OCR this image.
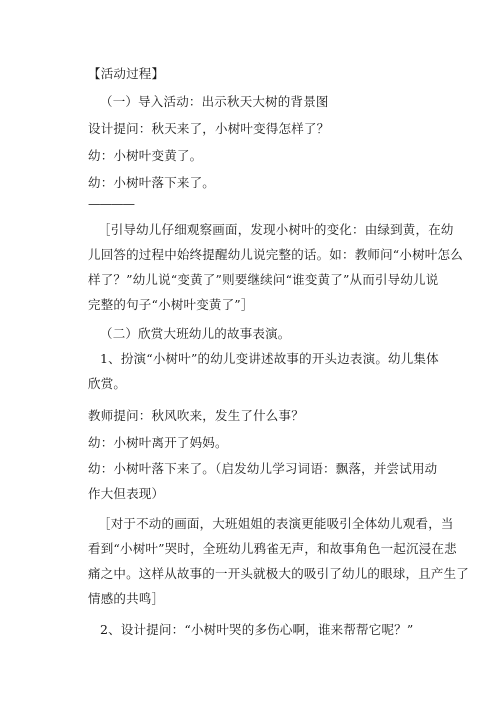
【活动过程】
（一）导入活动：出示秋天大树的背景图
设计提问：秋天来了，小树叶变得怎样了？
幼：小树叶变黄了。
幼：小树叶落下来了。
————
［引导幼儿仔细观察画面，发现小树叶的变化：由绿到黄，在幼
儿回答的过程中始终提醒幼儿说完整的话。如：教师问“小树叶怎么
样了？”幼儿说“变黄了”则要继续问“谁变黄了”从而引导幼儿说
完整的句子“小树叶变黄了”］
（二）欣赏大班幼儿的故事表演。
1、扮演“小树叶”的幼儿变讲述故事的开头边表演。幼儿集体
欣赏。
教师提问：秋风吹来，发生了什么事？
幼：小树叶离开了妈妈。
幼：小树叶落下来了。（启发幼儿学习词语：飘落，并尝试用动
作大但表现）
［对于不动的画面，大班姐姐的表演更能吸引全体幼儿观看，当
看到“小树叶”哭时，全班幼儿鸦雀无声，和故事角色一起沉浸在悲
痛之中。这样从故事的一开头就极大的吸引了幼儿的眼球，且产生了
情感的共鸣］
2、设计提问：“小树叶哭的多伤心啊，谁来帮帮它呢？”
